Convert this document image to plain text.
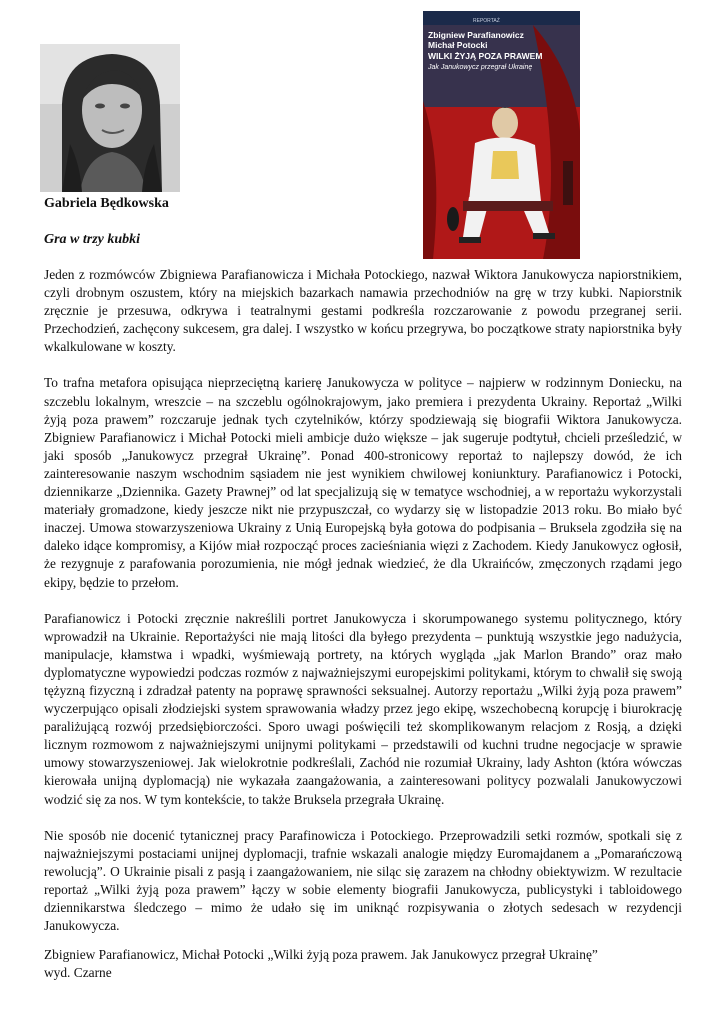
REPORTAŻ
Zbigniew Parafianowicz
Michał Potocki
WILKI ŻYJĄ POZA PRAWEM
Jak Janukowycz przegrał Ukrainę
Gabriela Będkowska
Gra w trzy kubki

Jeden z rozmówców Zbigniewa Parafianowicza i Michała Potockiego, nazwał Wiktora Janukowycza napiorstnikiem, czyli drobnym oszustem, który na miejskich bazarkach namawia przechodniów na grę w trzy kubki. Napiorstnik zręcznie je przesuwa, odkrywa i teatralnymi gestami podkreśla rozczarowanie z powodu przegranej serii. Przechodzień, zachęcony sukcesem, gra dalej. I wszystko w końcu przegrywa, bo początkowe straty napiorstnika były wkalkulowane w koszty.

To trafna metafora opisująca nieprzeciętną karierę Janukowycza w polityce – najpierw w rodzinnym Doniecku, na szczeblu lokalnym, wreszcie – na szczeblu ogólnokrajowym, jako premiera i prezydenta Ukrainy. Reportaż „Wilki żyją poza prawem” rozczaruje jednak tych czytelników, którzy spodziewają się biografii Wiktora Janukowycza. Zbigniew Parafianowicz i Michał Potocki mieli ambicje dużo większe – jak sugeruje podtytuł, chcieli prześledzić, w jaki sposób „Janukowycz przegrał Ukrainę”. Ponad 400-stronicowy reportaż to najlepszy dowód, że ich zainteresowanie naszym wschodnim sąsiadem nie jest wynikiem chwilowej koniunktury. Parafianowicz i Potocki, dziennikarze „Dziennika. Gazety Prawnej” od lat specjalizują się w tematyce wschodniej, a w reportażu wykorzystali materiały gromadzone, kiedy jeszcze nikt nie przypuszczał, co wydarzy się w listopadzie 2013 roku. Bo miało być inaczej. Umowa stowarzyszeniowa Ukrainy z Unią Europejską była gotowa do podpisania – Bruksela zgodziła się na daleko idące kompromisy, a Kijów miał rozpocząć proces zacieśniania więzi z Zachodem. Kiedy Janukowycz ogłosił, że rezygnuje z parafowania porozumienia, nie mógł jednak wiedzieć, że dla Ukraińców, zmęczonych rządami jego ekipy, będzie to przełom.

Parafianowicz i Potocki zręcznie nakreślili portret Janukowycza i skorumpowanego systemu politycznego, który wprowadził na Ukrainie. Reportażyści nie mają litości dla byłego prezydenta – punktują wszystkie jego nadużycia, manipulacje, kłamstwa i wpadki, wyśmiewają portrety, na których wygląda „jak Marlon Brando” oraz mało dyplomatyczne wypowiedzi podczas rozmów z najważniejszymi europejskimi politykami, którym to chwalił się swoją tężyzną fizyczną i zdradzał patenty na poprawę sprawności seksualnej. Autorzy reportażu „Wilki żyją poza prawem” wyczerpująco opisali złodziejski system sprawowania władzy przez jego ekipę, wszechobecną korupcję i biurokrację paraliżującą rozwój przedsiębiorczości. Sporo uwagi poświęcili też skomplikowanym relacjom z Rosją, a dzięki licznym rozmowom z najważniejszymi unijnymi politykami – przedstawili od kuchni trudne negocjacje w sprawie umowy stowarzyszeniowej. Jak wielokrotnie podkreślali, Zachód nie rozumiał Ukrainy, lady Ashton (która wówczas kierowała unijną dyplomacją) nie wykazała zaangażowania, a zainteresowani politycy pozwalali Janukowyczowi wodzić się za nos. W tym kontekście, to także Bruksela przegrała Ukrainę.

Nie sposób nie docenić tytanicznej pracy Parafinowicza i Potockiego. Przeprowadzili setki rozmów, spotkali się z najważniejszymi postaciami unijnej dyplomacji, trafnie wskazali analogie między Euromajdanem a „Pomarańczową rewolucją”. O Ukrainie pisali z pasją i zaangażowaniem, nie siląc się zarazem na chłodny obiektywizm. W rezultacie reportaż „Wilki żyją poza prawem” łączy w sobie elementy biografii Janukowycza, publicystyki i tabloidowego dziennikarstwa śledczego – mimo że udało się im uniknąć rozpisywania o złotych sedesach w rezydencji Janukowycza.

Zbigniew Parafianowicz, Michał Potocki „Wilki żyją poza prawem. Jak Janukowycz przegrał Ukrainę”
wyd. Czarne
